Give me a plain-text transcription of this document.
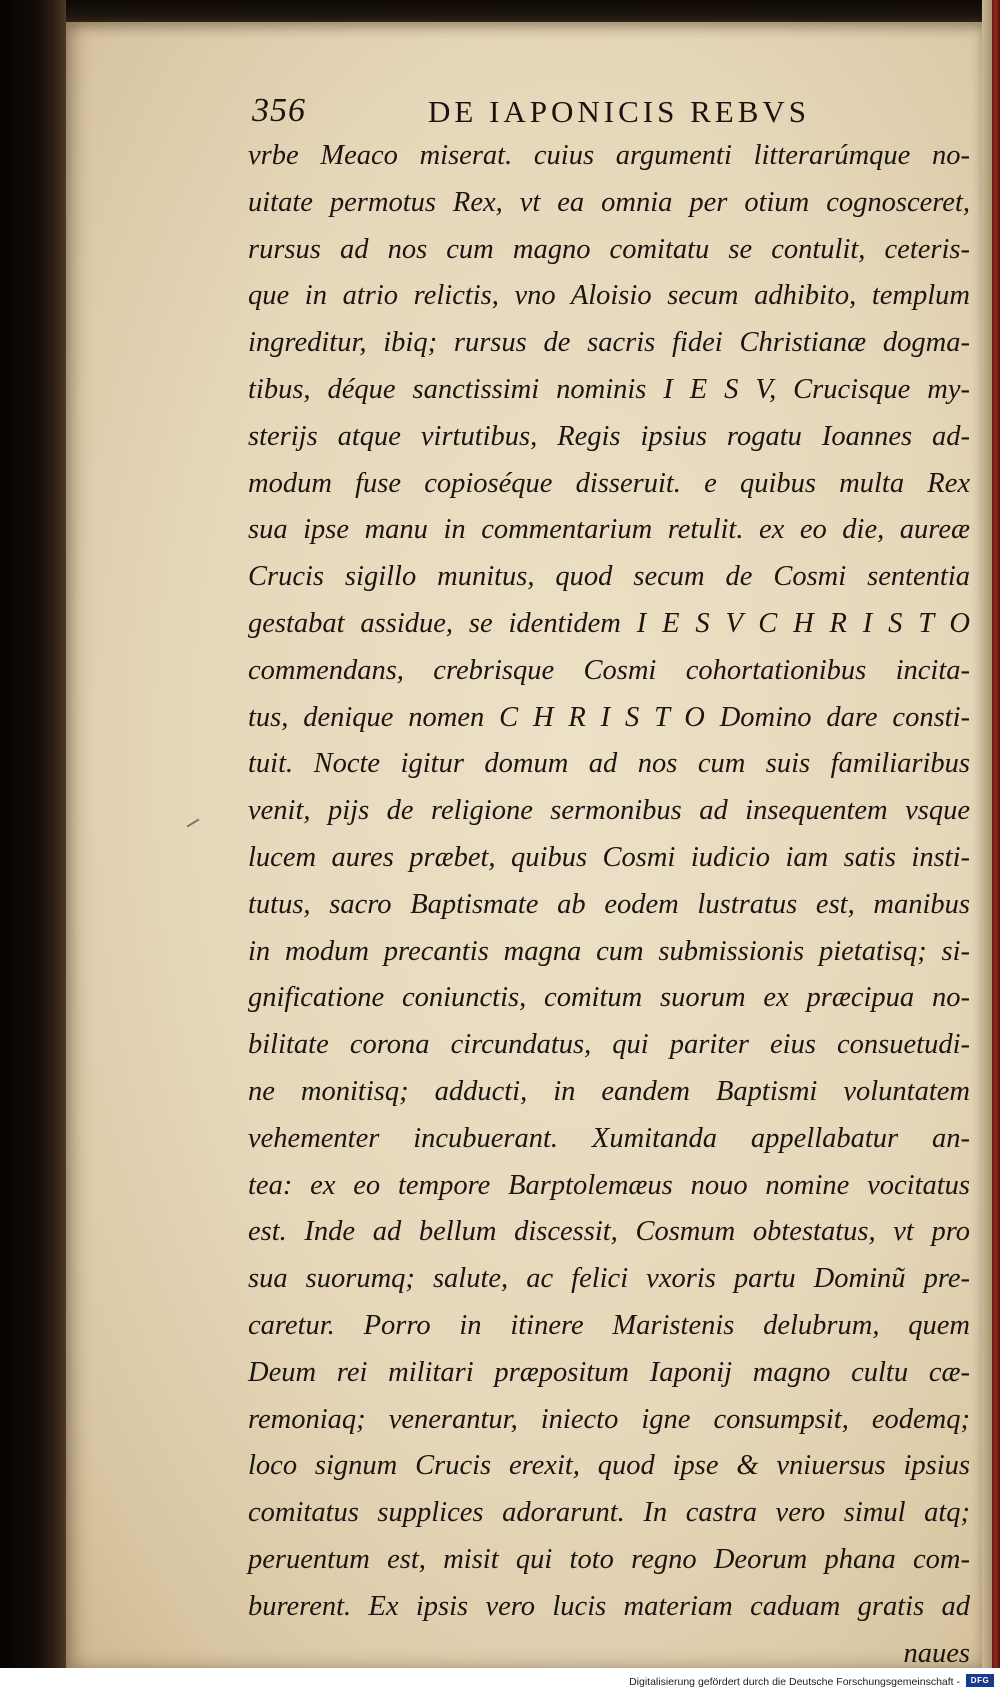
356	DE IAPONICIS REBVS
vrbe Meaco miserat. cuius argumenti litterarúmque no-
uitate permotus Rex, vt ea omnia per otium cognosceret,
rursus ad nos cum magno comitatu se contulit, ceteris-
que in atrio relictis, vno Aloisio secum adhibito, templum
ingreditur, ibiq; rursus de sacris fidei Christianæ dogma-
tibus, déque sanctissimi nominis I E S V, Crucisque my-
sterijs atque virtutibus, Regis ipsius rogatu Ioannes ad-
modum fuse copioséque disseruit. e quibus multa Rex
sua ipse manu in commentarium retulit. ex eo die, aureæ
Crucis sigillo munitus, quod secum de Cosmi sententia
gestabat assidue, se identidem I E S V C H R I S T O
commendans, crebrisque Cosmi cohortationibus incita-
tus, denique nomen C H R I S T O Domino dare consti-
tuit. Nocte igitur domum ad nos cum suis familiaribus
venit, pijs de religione sermonibus ad insequentem vsque
lucem aures præbet, quibus Cosmi iudicio iam satis insti-
tutus, sacro Baptismate ab eodem lustratus est, manibus
in modum precantis magna cum submissionis pietatisq; si-
gnificatione coniunctis, comitum suorum ex præcipua no-
bilitate corona circundatus, qui pariter eius consuetudi-
ne monitisq; adducti, in eandem Baptismi voluntatem
vehementer incubuerant. Xumitanda appellabatur an-
tea: ex eo tempore Barptolemæus nouo nomine vocitatus
est. Inde ad bellum discessit, Cosmum obtestatus, vt pro
sua suorumq; salute, ac felici vxoris partu Dominũ pre-
caretur. Porro in itinere Maristenis delubrum, quem
Deum rei militari præpositum Iaponij magno cultu cæ-
remoniaq; venerantur, iniecto igne consumpsit, eodemq;
loco signum Crucis erexit, quod ipse & vniuersus ipsius
comitatus supplices adorarunt. In castra vero simul atq;
peruentum est, misit qui toto regno Deorum phana com-
burerent. Ex ipsis vero lucis materiam caduam gratis ad
naues
Digitalisierung gefördert durch die Deutsche Forschungsgemeinschaft -	DFG
